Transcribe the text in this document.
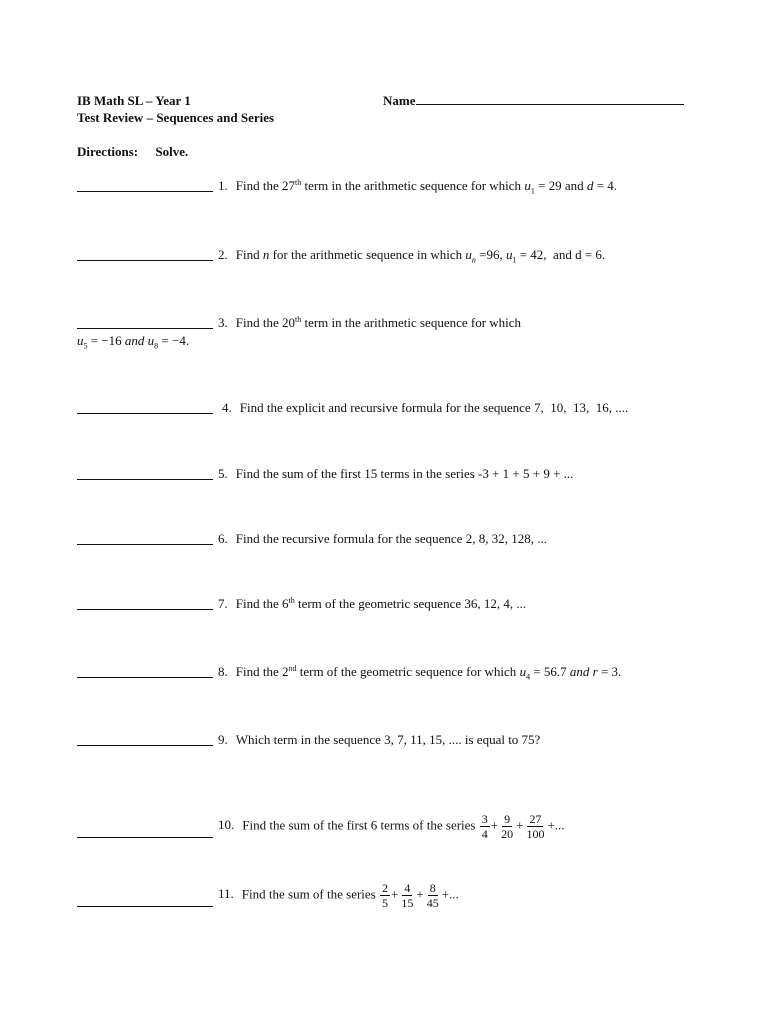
IB Math SL – Year 1
Test Review – Sequences and Series
Name
Directions: Solve.
1. Find the 27th term in the arithmetic sequence for which $u_1 = 29$ and d = 4.
2. Find n for the arithmetic sequence in which $u_n =96$, $u_1 = 42$,  and d = 6.
3. Find the 20th term in the arithmetic sequence for which
$u_5 = -16$ and $u_8 = -4$.
4. Find the explicit and recursive formula for the sequence 7,  10,  13,  16, ....
5. Find the sum of the first 15 terms in the series -3 + 1 + 5 + 9 + ...
6. Find the recursive formula for the sequence 2, 8, 32, 128, ...
7. Find the 6th term of the geometric sequence 36, 12, 4, ...
8. Find the 2nd term of the geometric sequence for which $u_4 = 56.7$ and r = 3.
9. Which term in the sequence 3, 7, 11, 15, .... is equal to 75?
10. Find the sum of the first 6 terms of the series $\frac{3}{4} + \frac{9}{20} + \frac{27}{100}$ +...
11. Find the sum of the series $\frac{2}{5} + \frac{4}{15} + \frac{8}{45}$ +...
